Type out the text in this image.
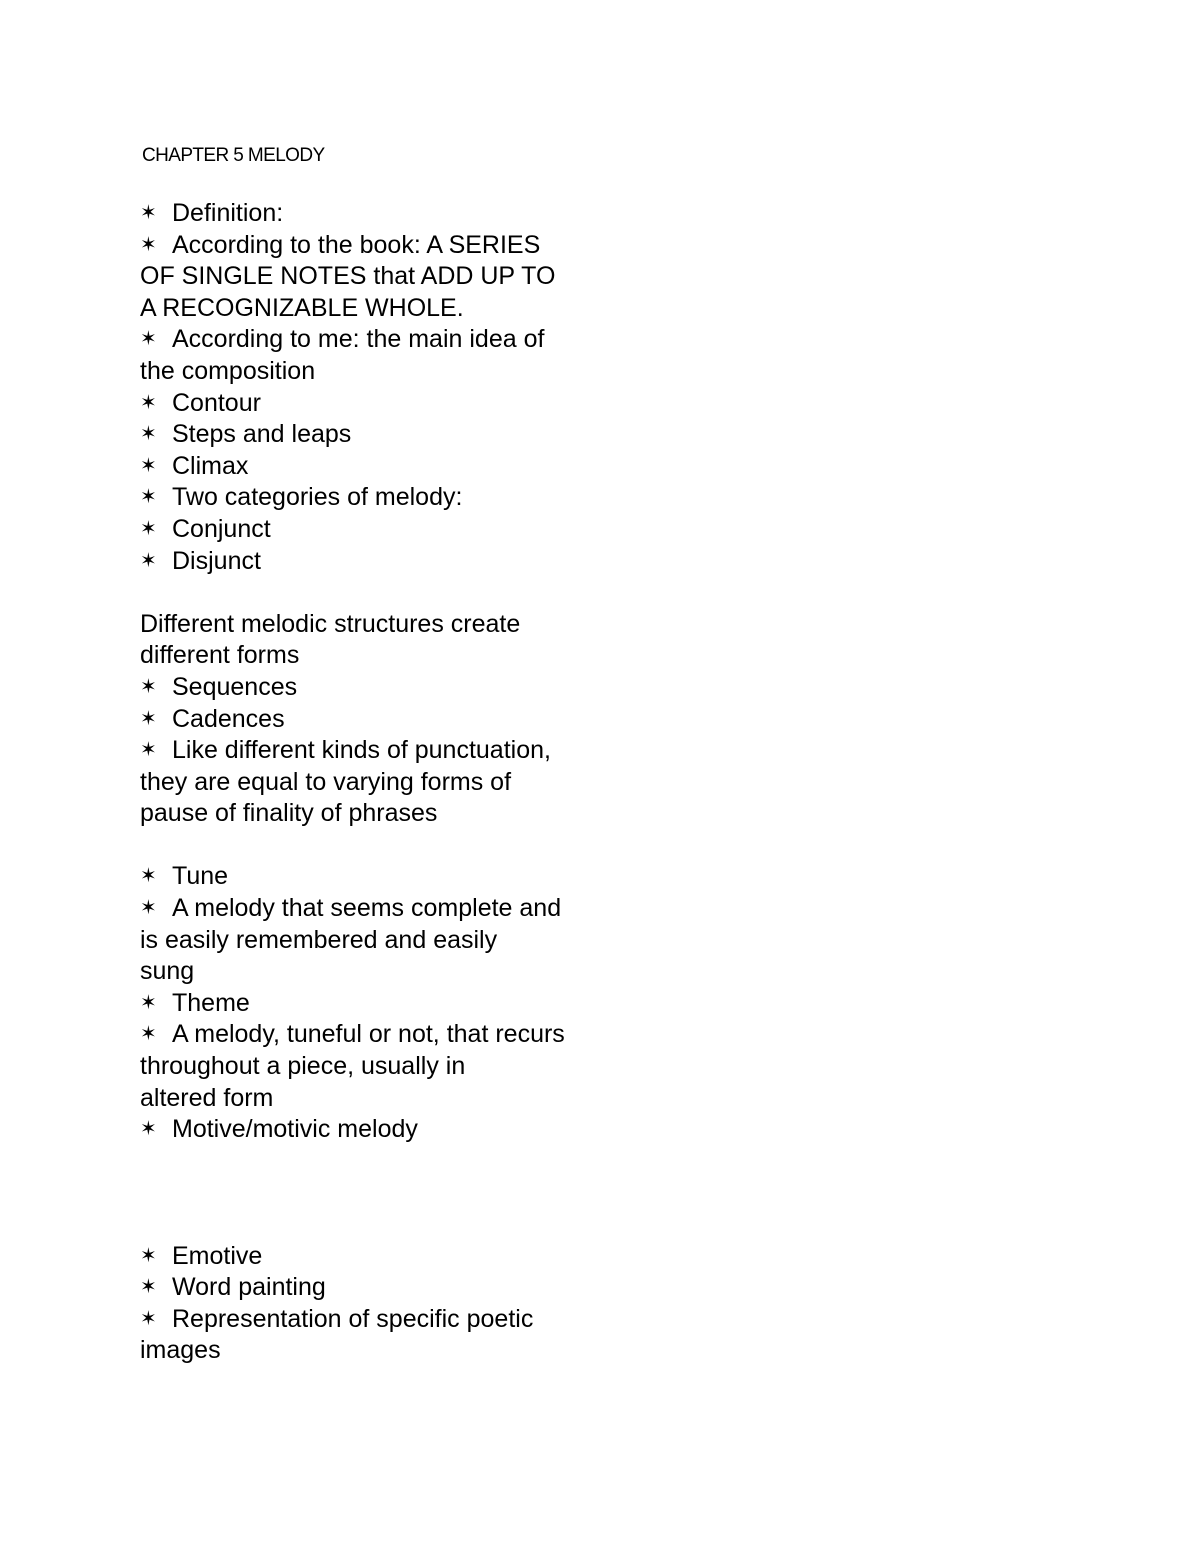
CHAPTER 5 MELODY
✶ Definition:
✶ According to the book: A SERIES
OF SINGLE NOTES that ADD UP TO
A RECOGNIZABLE WHOLE.
✶ According to me: the main idea of
the composition
✶ Contour
✶ Steps and leaps
✶ Climax
✶ Two categories of melody:
✶ Conjunct
✶ Disjunct
Different melodic structures create
different forms
✶ Sequences
✶ Cadences
✶ Like different kinds of punctuation,
they are equal to varying forms of
pause of finality of phrases
✶ Tune
✶ A melody that seems complete and
is easily remembered and easily
sung
✶ Theme
✶ A melody, tuneful or not, that recurs
throughout a piece, usually in
altered form
✶ Motive/motivic melody
✶ Emotive
✶ Word painting
✶ Representation of specific poetic
images
